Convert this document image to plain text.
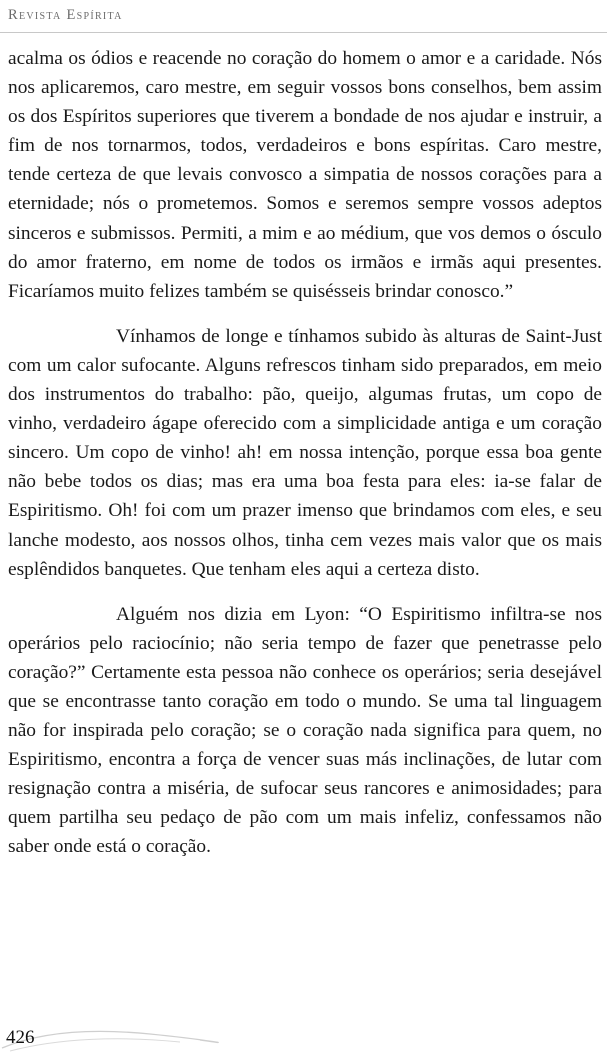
Revista Espírita

acalma os ódios e reacende no coração do homem o amor e a caridade. Nós nos aplicaremos, caro mestre, em seguir vossos bons conselhos, bem assim os dos Espíritos superiores que tiverem a bondade de nos ajudar e instruir, a fim de nos tornarmos, todos, verdadeiros e bons espíritas. Caro mestre, tende certeza de que levais convosco a simpatia de nossos corações para a eternidade; nós o prometemos. Somos e seremos sempre vossos adeptos sinceros e submissos. Permiti, a mim e ao médium, que vos demos o ósculo do amor fraterno, em nome de todos os irmãos e irmãs aqui presentes. Ficaríamos muito felizes também se quisésseis brindar conosco.”

Vínhamos de longe e tínhamos subido às alturas de Saint-Just com um calor sufocante. Alguns refrescos tinham sido preparados, em meio dos instrumentos do trabalho: pão, queijo, algumas frutas, um copo de vinho, verdadeiro ágape oferecido com a simplicidade antiga e um coração sincero. Um copo de vinho! ah! em nossa intenção, porque essa boa gente não bebe todos os dias; mas era uma boa festa para eles: ia-se falar de Espiritismo. Oh! foi com um prazer imenso que brindamos com eles, e seu lanche modesto, aos nossos olhos, tinha cem vezes mais valor que os mais esplêndidos banquetes. Que tenham eles aqui a certeza disto.

Alguém nos dizia em Lyon: “O Espiritismo infiltra-se nos operários pelo raciocínio; não seria tempo de fazer que penetrasse pelo coração?” Certamente esta pessoa não conhece os operários; seria desejável que se encontrasse tanto coração em todo o mundo. Se uma tal linguagem não for inspirada pelo coração; se o coração nada significa para quem, no Espiritismo, encontra a força de vencer suas más inclinações, de lutar com resignação contra a miséria, de sufocar seus rancores e animosidades; para quem partilha seu pedaço de pão com um mais infeliz, confessamos não saber onde está o coração.

426
